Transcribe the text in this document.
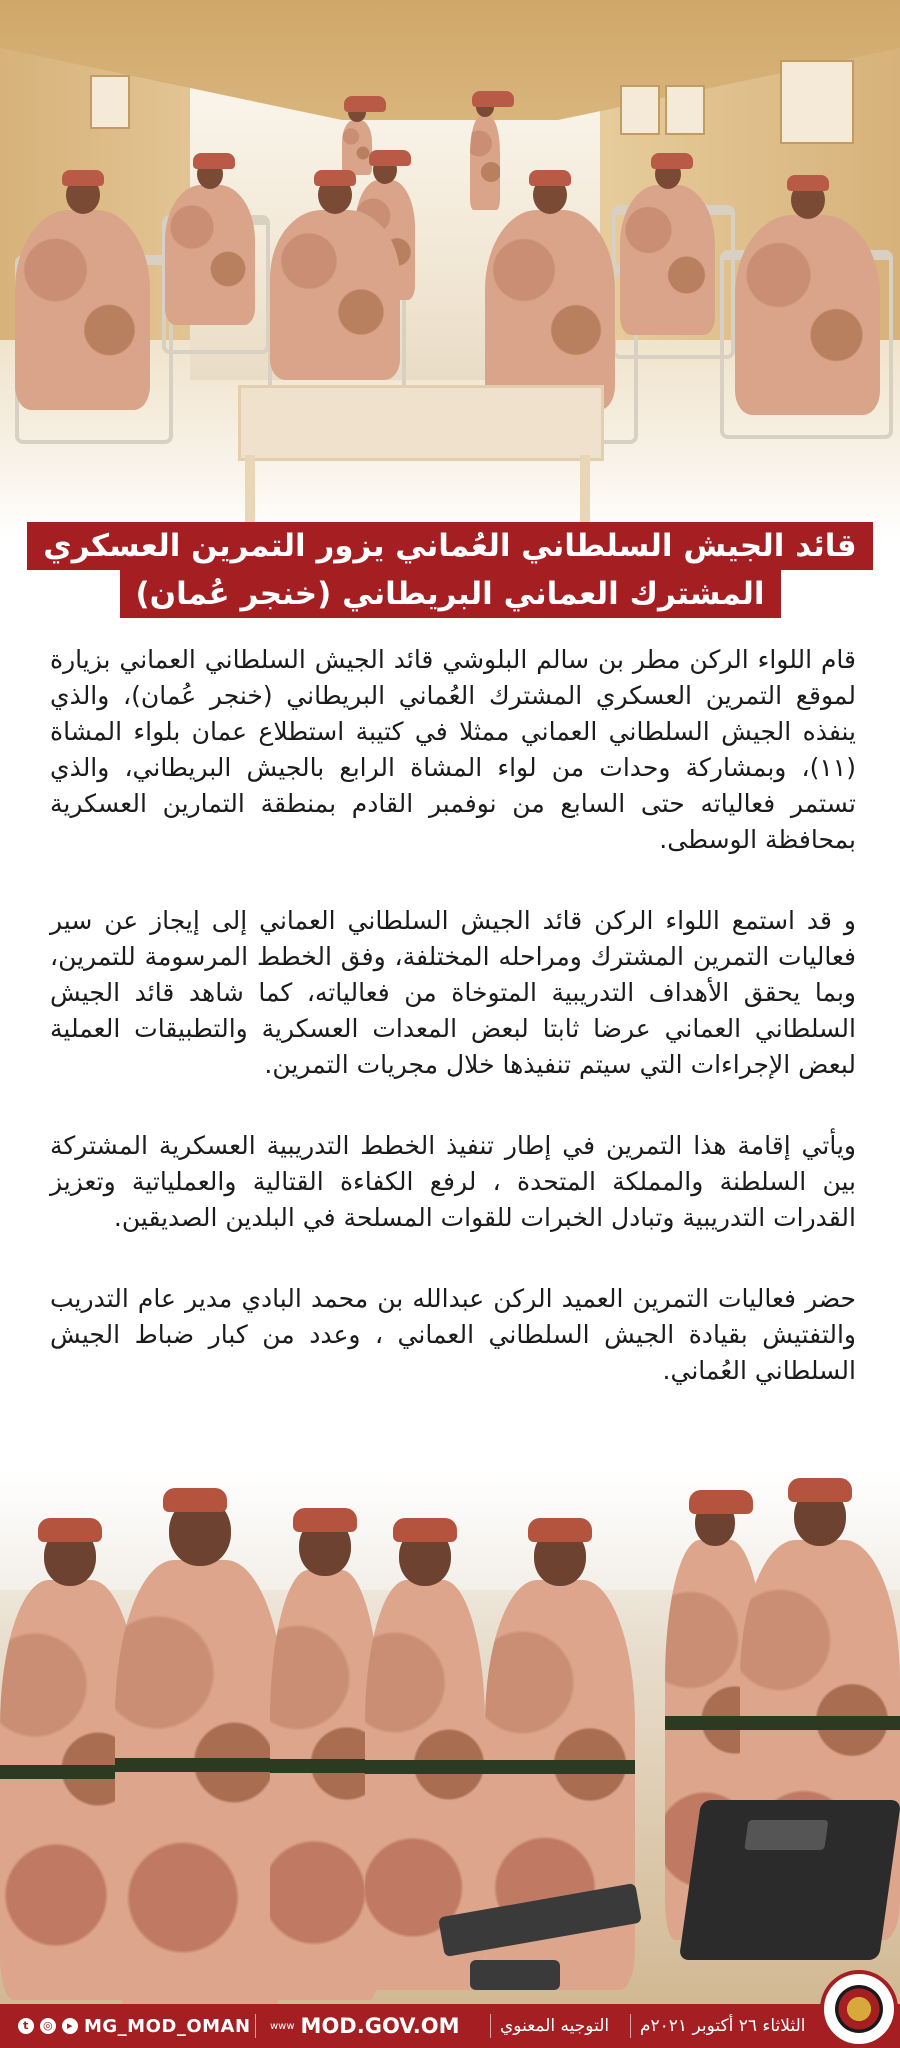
قائد الجيش السلطاني العُماني يزور التمرين العسكري
المشترك العماني البريطاني (خنجر عُمان)

قام اللواء الركن مطر بن سالم البلوشي قائد الجيش السلطاني العماني بزيارة لموقع التمرين العسكري المشترك العُماني البريطاني (خنجر عُمان)، والذي ينفذه الجيش السلطاني العماني ممثلا في كتيبة استطلاع عمان بلواء المشاة (١١)، وبمشاركة وحدات من لواء المشاة الرابع بالجيش البريطاني، والذي تستمر فعالياته حتى السابع من نوفمبر القادم بمنطقة التمارين العسكرية بمحافظة الوسطى.

و قد استمع اللواء الركن قائد الجيش السلطاني العماني إلى إيجاز عن سير فعاليات التمرين المشترك ومراحله المختلفة، وفق الخطط المرسومة للتمرين، وبما يحقق الأهداف التدريبية المتوخاة من فعالياته، كما شاهد قائد الجيش السلطاني العماني عرضا ثابتا لبعض المعدات العسكرية والتطبيقات العملية لبعض الإجراءات التي سيتم تنفيذها خلال مجريات التمرين.

ويأتي إقامة هذا التمرين في إطار تنفيذ الخطط التدريبية العسكرية المشتركة بين السلطنة والمملكة المتحدة ، لرفع الكفاءة القتالية والعملياتية وتعزيز القدرات التدريبية وتبادل الخبرات للقوات المسلحة في البلدين الصديقين.

حضر فعاليات التمرين العميد الركن عبدالله بن محمد البادي مدير عام التدريب والتفتيش بقيادة الجيش السلطاني العماني ، وعدد من كبار ضباط الجيش السلطاني العُماني.

t	◎	▸ MG_MOD_OMAN www MOD.GOV.OM التوجيه المعنوي الثلاثاء ٢٦ أكتوبر ٢٠٢١م
